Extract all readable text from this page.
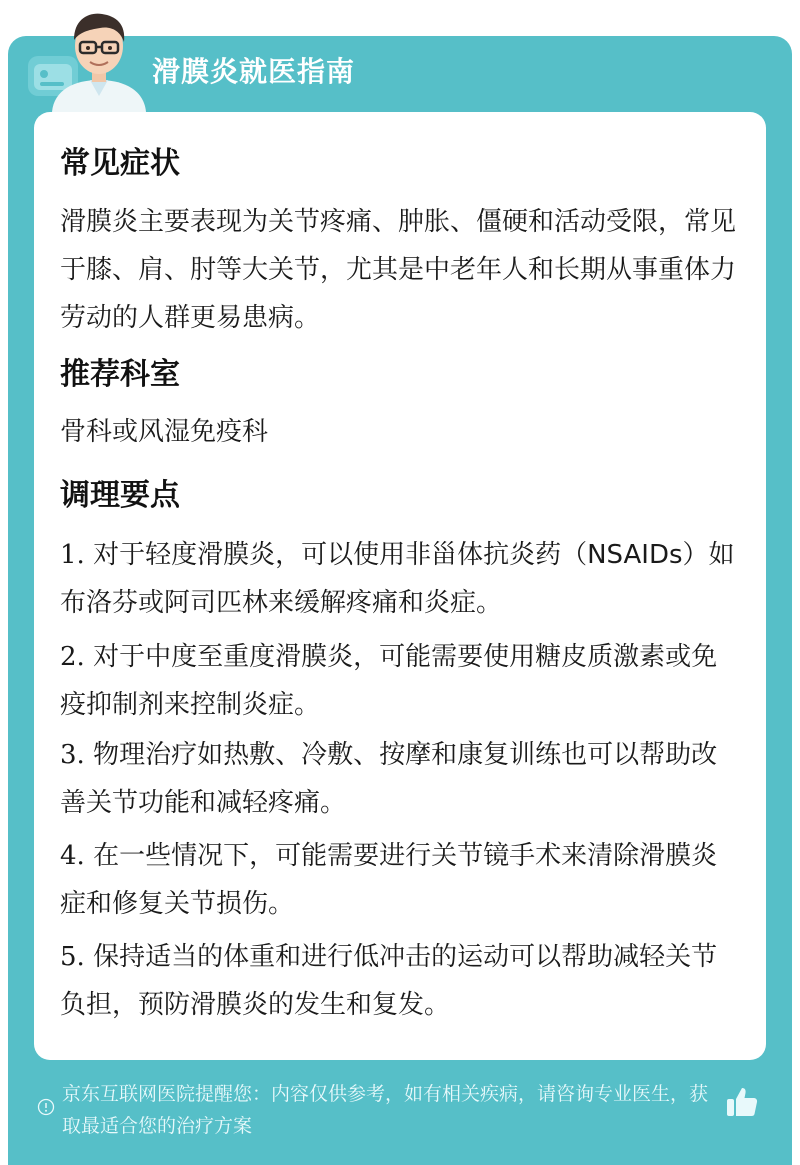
滑膜炎就医指南
常见症状
滑膜炎主要表现为关节疼痛、肿胀、僵硬和活动受限，常见于膝、肩、肘等大关节，尤其是中老年人和长期从事重体力劳动的人群更易患病。
推荐科室
骨科或风湿免疫科
调理要点
1. 对于轻度滑膜炎，可以使用非甾体抗炎药（NSAIDs）如布洛芬或阿司匹林来缓解疼痛和炎症。
2. 对于中度至重度滑膜炎，可能需要使用糖皮质激素或免疫抑制剂来控制炎症。
3. 物理治疗如热敷、冷敷、按摩和康复训练也可以帮助改善关节功能和减轻疼痛。
4. 在一些情况下，可能需要进行关节镜手术来清除滑膜炎症和修复关节损伤。
5. 保持适当的体重和进行低冲击的运动可以帮助减轻关节负担，预防滑膜炎的发生和复发。
京东互联网医院提醒您：内容仅供参考，如有相关疾病，请咨询专业医生，获取最适合您的治疗方案
